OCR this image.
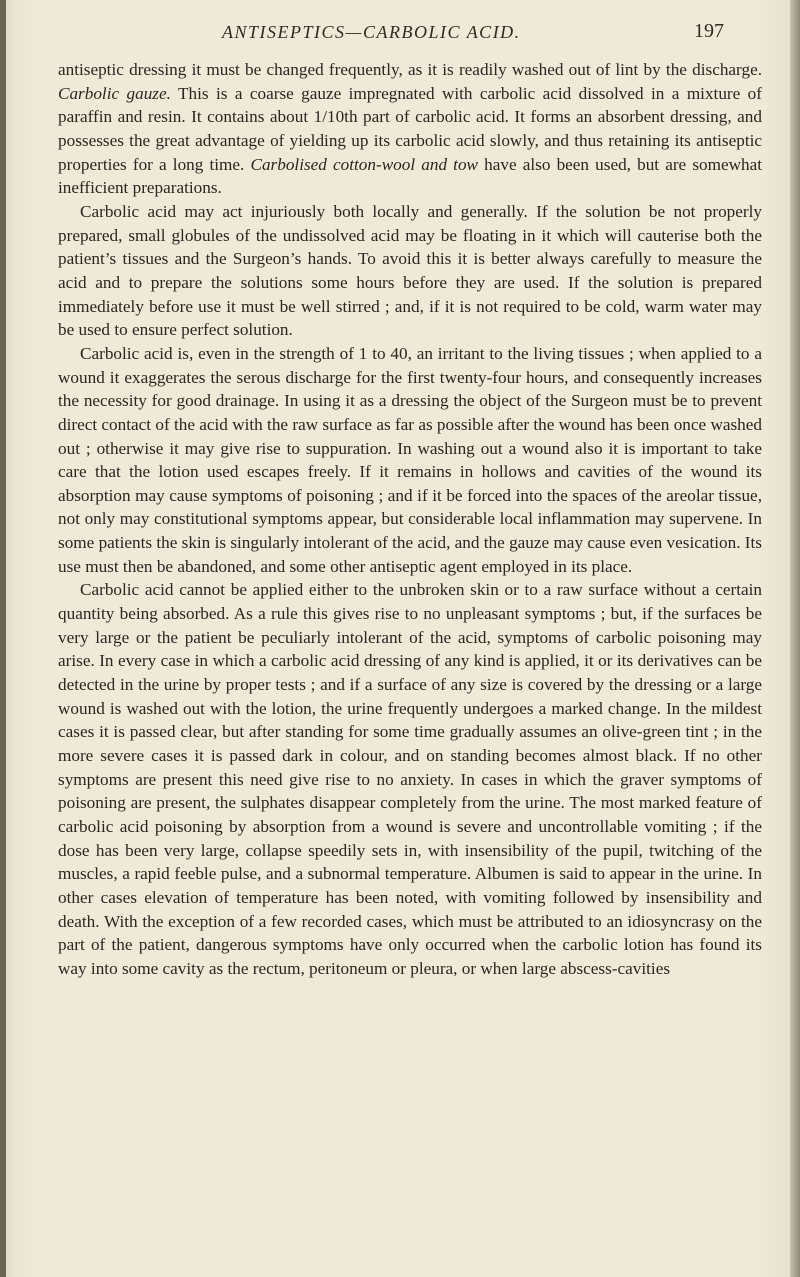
ANTISEPTICS—CARBOLIC ACID.	197

antiseptic dressing it must be changed frequently, as it is readily washed out of lint by the discharge. Carbolic gauze. This is a coarse gauze impregnated with carbolic acid dissolved in a mixture of paraffin and resin. It contains about 1/10th part of carbolic acid. It forms an absorbent dressing, and possesses the great advantage of yielding up its carbolic acid slowly, and thus retaining its antiseptic properties for a long time. Carbolised cotton-wool and tow have also been used, but are somewhat inefficient preparations.

Carbolic acid may act injuriously both locally and generally. If the solution be not properly prepared, small globules of the undissolved acid may be floating in it which will cauterise both the patient’s tissues and the Surgeon’s hands. To avoid this it is better always carefully to measure the acid and to prepare the solutions some hours before they are used. If the solution is prepared immediately before use it must be well stirred ; and, if it is not required to be cold, warm water may be used to ensure perfect solution.

Carbolic acid is, even in the strength of 1 to 40, an irritant to the living tissues ; when applied to a wound it exaggerates the serous discharge for the first twenty-four hours, and consequently increases the necessity for good drainage. In using it as a dressing the object of the Surgeon must be to prevent direct contact of the acid with the raw surface as far as possible after the wound has been once washed out ; otherwise it may give rise to suppuration. In washing out a wound also it is important to take care that the lotion used escapes freely. If it remains in hollows and cavities of the wound its absorption may cause symptoms of poisoning ; and if it be forced into the spaces of the areolar tissue, not only may constitutional symptoms appear, but considerable local inflammation may supervene. In some patients the skin is singularly intolerant of the acid, and the gauze may cause even vesication. Its use must then be abandoned, and some other antiseptic agent employed in its place.

Carbolic acid cannot be applied either to the unbroken skin or to a raw surface without a certain quantity being absorbed. As a rule this gives rise to no unpleasant symptoms ; but, if the surfaces be very large or the patient be peculiarly intolerant of the acid, symptoms of carbolic poisoning may arise. In every case in which a carbolic acid dressing of any kind is applied, it or its derivatives can be detected in the urine by proper tests ; and if a surface of any size is covered by the dressing or a large wound is washed out with the lotion, the urine frequently undergoes a marked change. In the mildest cases it is passed clear, but after standing for some time gradually assumes an olive-green tint ; in the more severe cases it is passed dark in colour, and on standing becomes almost black. If no other symptoms are present this need give rise to no anxiety. In cases in which the graver symptoms of poisoning are present, the sulphates disappear completely from the urine. The most marked feature of carbolic acid poisoning by absorption from a wound is severe and uncontrollable vomiting ; if the dose has been very large, collapse speedily sets in, with insensibility of the pupil, twitching of the muscles, a rapid feeble pulse, and a subnormal temperature. Albumen is said to appear in the urine. In other cases elevation of temperature has been noted, with vomiting followed by insensibility and death. With the exception of a few recorded cases, which must be attributed to an idiosyncrasy on the part of the patient, dangerous symptoms have only occurred when the carbolic lotion has found its way into some cavity as the rectum, peritoneum or pleura, or when large abscess-cavities
